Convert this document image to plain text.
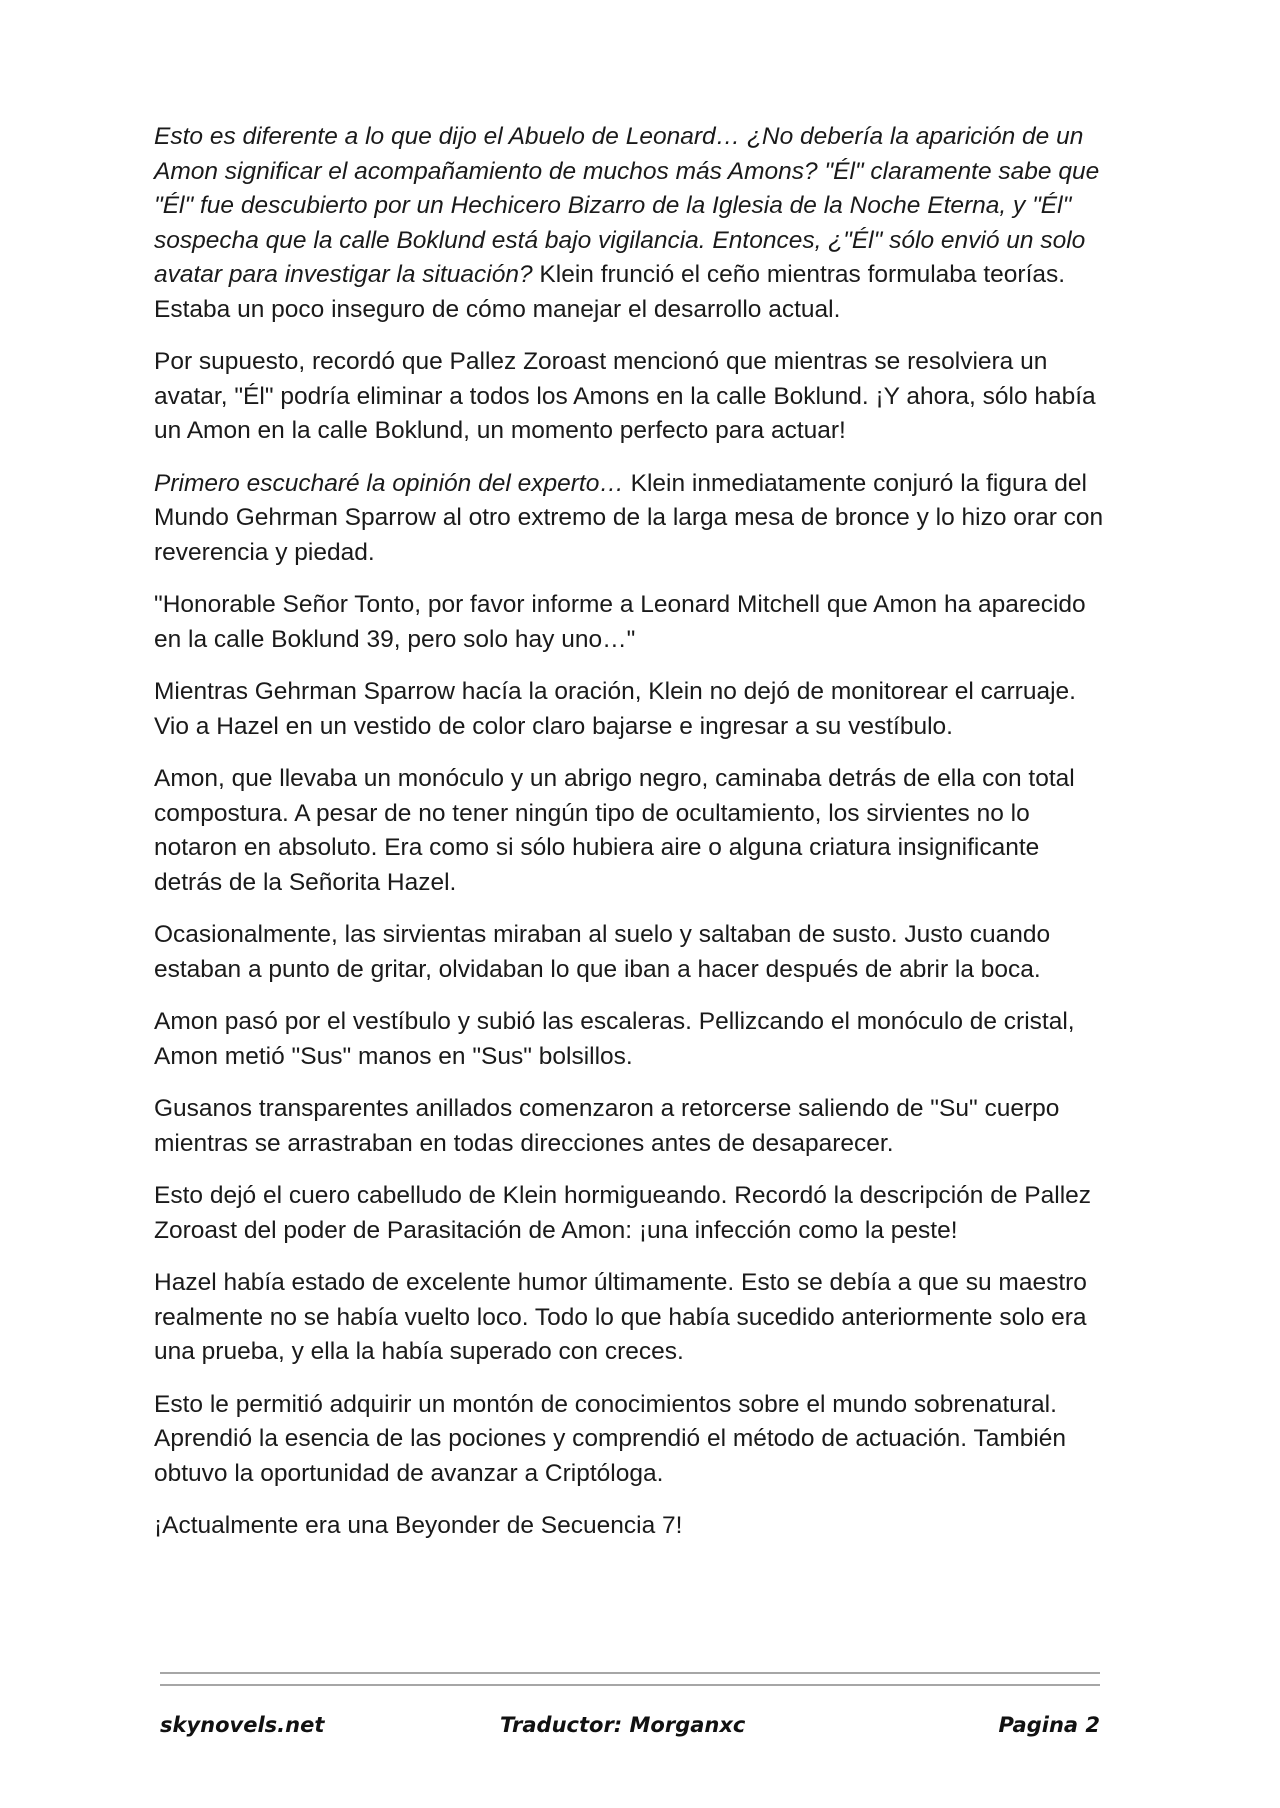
Esto es diferente a lo que dijo el Abuelo de Leonard… ¿No debería la aparición de un Amon significar el acompañamiento de muchos más Amons? "Él" claramente sabe que "Él" fue descubierto por un Hechicero Bizarro de la Iglesia de la Noche Eterna, y "Él" sospecha que la calle Boklund está bajo vigilancia. Entonces, ¿"Él" sólo envió un solo avatar para investigar la situación? Klein frunció el ceño mientras formulaba teorías. Estaba un poco inseguro de cómo manejar el desarrollo actual.

Por supuesto, recordó que Pallez Zoroast mencionó que mientras se resolviera un avatar, "Él" podría eliminar a todos los Amons en la calle Boklund. ¡Y ahora, sólo había un Amon en la calle Boklund, un momento perfecto para actuar!

Primero escucharé la opinión del experto… Klein inmediatamente conjuró la figura del Mundo Gehrman Sparrow al otro extremo de la larga mesa de bronce y lo hizo orar con reverencia y piedad.

"Honorable Señor Tonto, por favor informe a Leonard Mitchell que Amon ha aparecido en la calle Boklund 39, pero solo hay uno…"

Mientras Gehrman Sparrow hacía la oración, Klein no dejó de monitorear el carruaje. Vio a Hazel en un vestido de color claro bajarse e ingresar a su vestíbulo.

Amon, que llevaba un monóculo y un abrigo negro, caminaba detrás de ella con total compostura. A pesar de no tener ningún tipo de ocultamiento, los sirvientes no lo notaron en absoluto. Era como si sólo hubiera aire o alguna criatura insignificante detrás de la Señorita Hazel.

Ocasionalmente, las sirvientas miraban al suelo y saltaban de susto. Justo cuando estaban a punto de gritar, olvidaban lo que iban a hacer después de abrir la boca.

Amon pasó por el vestíbulo y subió las escaleras. Pellizcando el monóculo de cristal, Amon metió "Sus" manos en "Sus" bolsillos.

Gusanos transparentes anillados comenzaron a retorcerse saliendo de "Su" cuerpo mientras se arrastraban en todas direcciones antes de desaparecer.

Esto dejó el cuero cabelludo de Klein hormigueando. Recordó la descripción de Pallez Zoroast del poder de Parasitación de Amon: ¡una infección como la peste!

Hazel había estado de excelente humor últimamente. Esto se debía a que su maestro realmente no se había vuelto loco. Todo lo que había sucedido anteriormente solo era una prueba, y ella la había superado con creces.

Esto le permitió adquirir un montón de conocimientos sobre el mundo sobrenatural. Aprendió la esencia de las pociones y comprendió el método de actuación. También obtuvo la oportunidad de avanzar a Criptóloga.

¡Actualmente era una Beyonder de Secuencia 7!

skynovels.net	Traductor: Morganxc	Pagina 2
